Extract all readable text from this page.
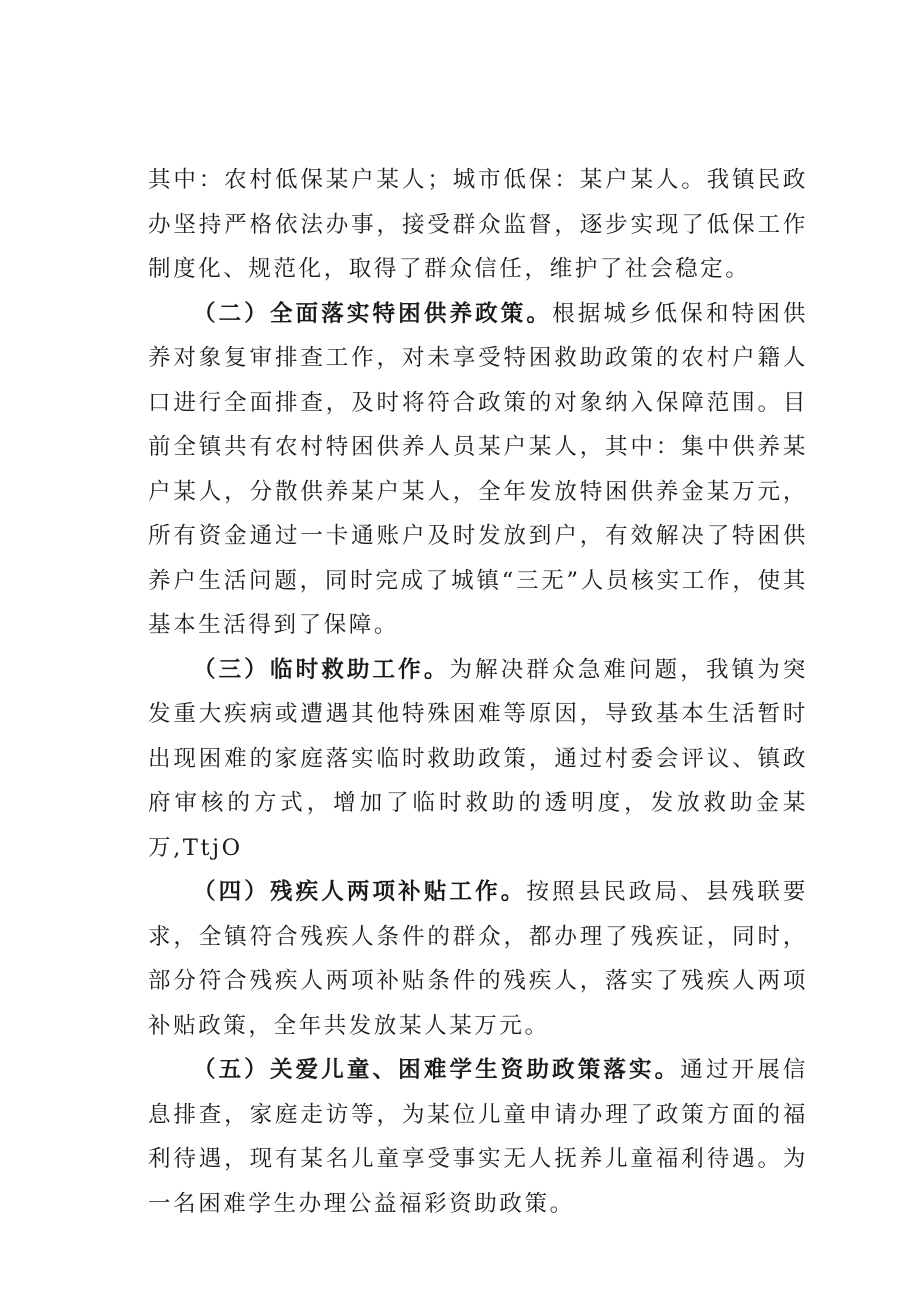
其中：农村低保某户某人；城市低保：某户某人。我镇民政办坚持严格依法办事，接受群众监督，逐步实现了低保工作制度化、规范化，取得了群众信任，维护了社会稳定。

（二）全面落实特困供养政策。根据城乡低保和特困供养对象复审排查工作，对未享受特困救助政策的农村户籍人口进行全面排查，及时将符合政策的对象纳入保障范围。目前全镇共有农村特困供养人员某户某人，其中：集中供养某户某人，分散供养某户某人，全年发放特困供养金某万元，所有资金通过一卡通账户及时发放到户，有效解决了特困供养户生活问题，同时完成了城镇“三无”人员核实工作，使其基本生活得到了保障。

（三）临时救助工作。为解决群众急难问题，我镇为突发重大疾病或遭遇其他特殊困难等原因，导致基本生活暂时出现困难的家庭落实临时救助政策，通过村委会评议、镇政府审核的方式，增加了临时救助的透明度，发放救助金某万,TtjO

（四）残疾人两项补贴工作。按照县民政局、县残联要求，全镇符合残疾人条件的群众，都办理了残疾证，同时，部分符合残疾人两项补贴条件的残疾人，落实了残疾人两项补贴政策，全年共发放某人某万元。

（五）关爱儿童、困难学生资助政策落实。通过开展信息排查，家庭走访等，为某位儿童申请办理了政策方面的福利待遇，现有某名儿童享受事实无人抚养儿童福利待遇。为一名困难学生办理公益福彩资助政策。
